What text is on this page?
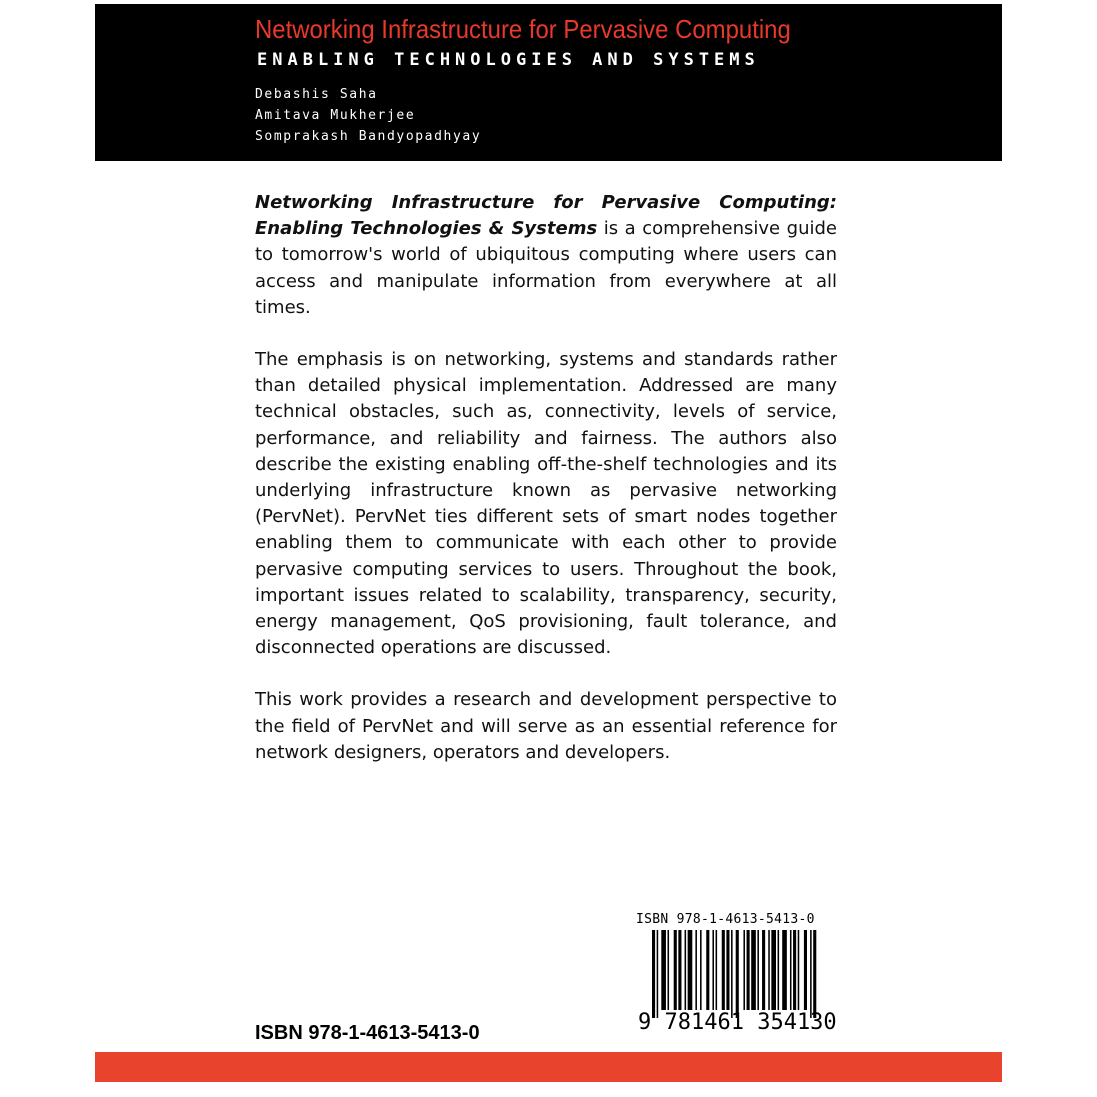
Networking Infrastructure for Pervasive Computing
ENABLING TECHNOLOGIES AND SYSTEMS
Debashis Saha
Amitava Mukherjee
Somprakash Bandyopadhyay

Networking Infrastructure for Pervasive Computing: Enabling Technologies & Systems is a comprehensive guide to tomorrow's world of ubiquitous computing where users can access and manipulate information from everywhere at all times.

The emphasis is on networking, systems and standards rather than detailed physical implementation. Addressed are many technical obstacles, such as, connectivity, levels of service, performance, and reliability and fairness. The authors also describe the existing enabling off-the-shelf technologies and its underlying infrastructure known as pervasive networking (PervNet). PervNet ties different sets of smart nodes together enabling them to communicate with each other to provide pervasive computing services to users. Throughout the book, important issues related to scalability, transparency, security, energy management, QoS provisioning, fault tolerance, and disconnected operations are discussed.

This work provides a research and development perspective to the field of PervNet and will serve as an essential reference for network designers, operators and developers.

ISBN 978-1-4613-5413-0
9 781461 354130
ISBN 978-1-4613-5413-0
